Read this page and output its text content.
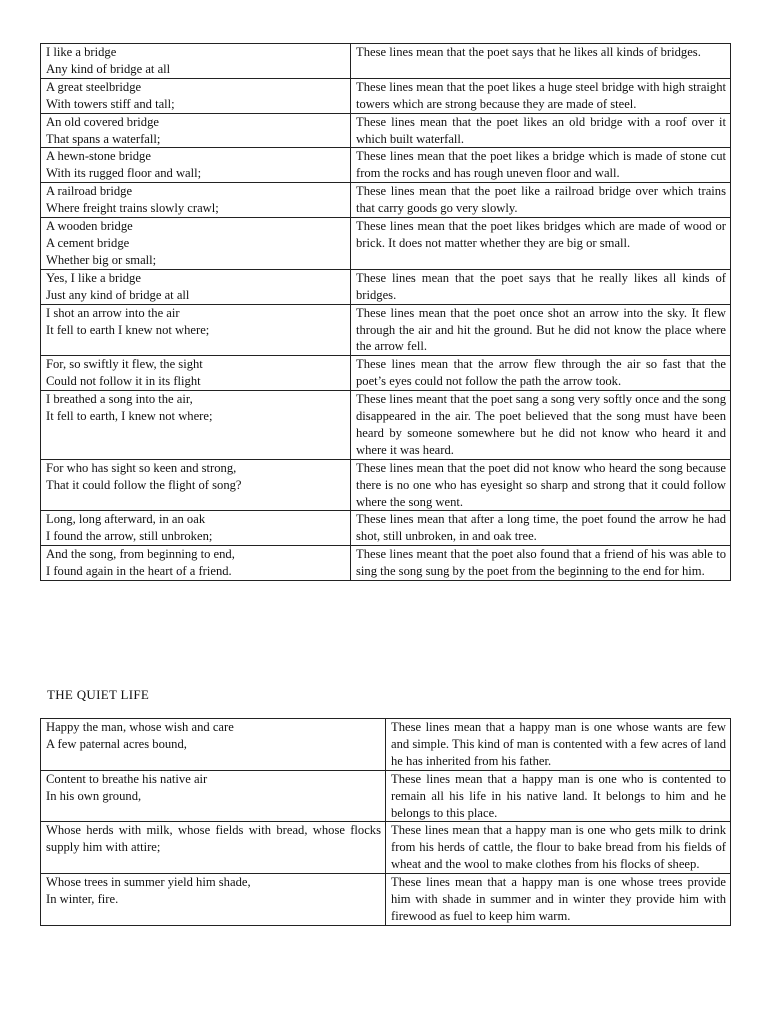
I like a bridge
Any kind of bridge at all	These lines mean that the poet says that he likes all kinds of bridges.
A great steelbridge
With towers stiff and tall;	These lines mean that the poet likes a huge steel bridge with high straight towers which are strong because they are made of steel.
An old covered bridge
That spans a waterfall;	These lines mean that the poet likes an old bridge with a roof over it which built waterfall.
A hewn-stone bridge
With its rugged floor and wall;	These lines mean that the poet likes a bridge which is made of stone cut from the rocks and has rough uneven floor and wall.
A railroad bridge
Where freight trains slowly crawl;	These lines mean that the poet like a railroad bridge over which trains that carry goods go very slowly.
A wooden bridge
A cement bridge
Whether big or small;	These lines mean that the poet likes bridges which are made of wood or brick. It does not matter whether they are big or small.
Yes, I like a bridge
Just any kind of bridge at all	These lines mean that the poet says that he really likes all kinds of bridges.
I shot an arrow into the air
It fell to earth I knew not where;	These lines mean that the poet once shot an arrow into the sky. It flew through the air and hit the ground. But he did not know the place where the arrow fell.
For, so swiftly it flew, the sight
Could not follow it in its flight	These lines mean that the arrow flew through the air so fast that the poet’s eyes could not follow the path the arrow took.
I breathed a song into the air,
It fell to earth, I knew not where;	These lines meant that the poet sang a song very softly once and the song disappeared in the air. The poet believed that the song must have been heard by someone somewhere but he did not know who heard it and where it was heard.
For who has sight so keen and strong,
That it could follow the flight of song?	These lines mean that the poet did not know who heard the song because there is no one who has eyesight so sharp and strong that it could follow where the song went.
Long, long afterward, in an oak
I found the arrow, still unbroken;	These lines mean that after a long time, the poet found the arrow he had shot, still unbroken, in and oak tree.
And the song, from beginning to end,
I found again in the heart of a friend.	These lines meant that the poet also found that a friend of his was able to sing the song sung by the poet from the beginning to the end for him.
THE QUIET LIFE
Happy the man, whose wish and care
A few paternal acres bound,	These lines mean that a happy man is one whose wants are few and simple. This kind of man is contented with a few acres of land he has inherited from his father.
Content to breathe his native air
In his own ground,	These lines mean that a happy man is one who is contented to remain all his life in his native land. It belongs to him and he belongs to this place.
Whose herds with milk, whose fields with bread, whose flocks supply him with attire;	These lines mean that a happy man is one who gets milk to drink from his herds of cattle, the flour to bake bread from his fields of wheat and the wool to make clothes from his flocks of sheep.
Whose trees in summer yield him shade,
In winter, fire.	These lines mean that a happy man is one whose trees provide him with shade in summer and in winter they provide him with firewood as fuel to keep him warm.
